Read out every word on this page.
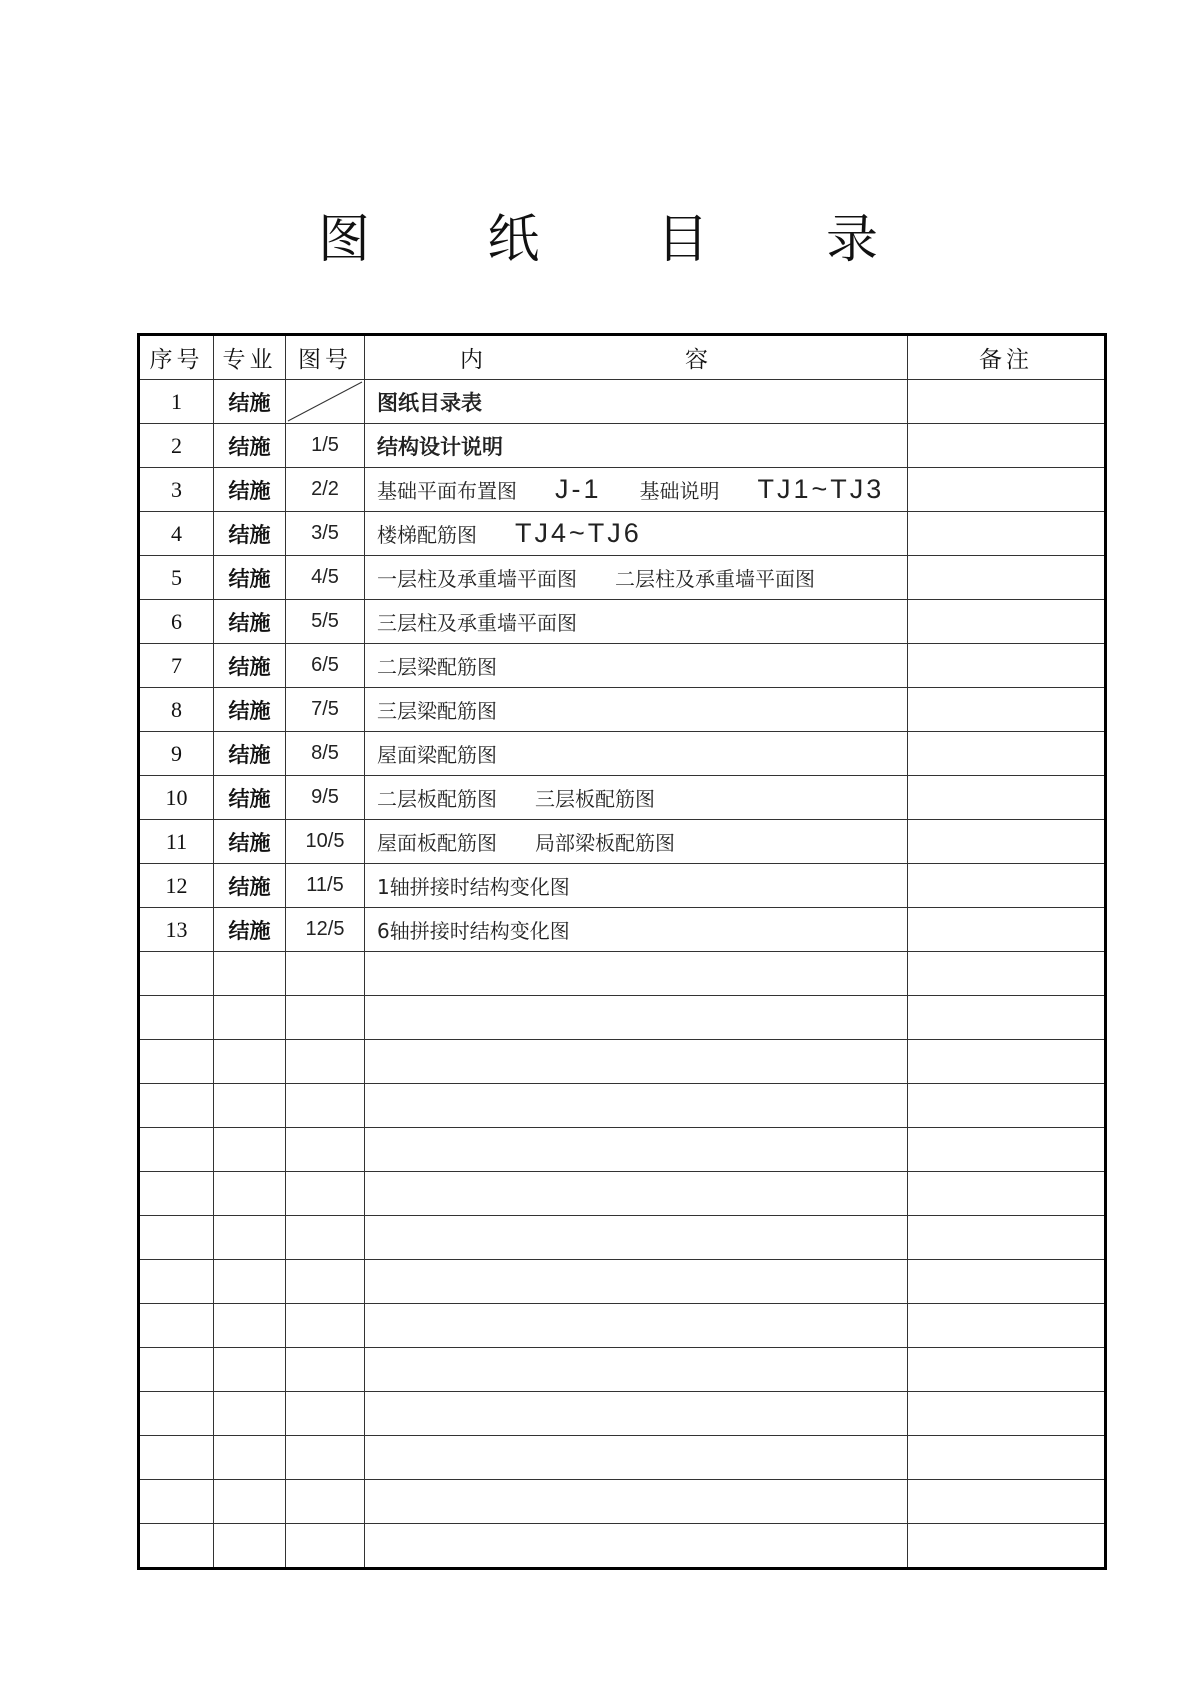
图 纸 目 录
序号	专业	图号	内 容	备注
1	结施		图纸目录表	
2	结施	1/5	结构设计说明	
3	结施	2/2	基础平面布置图 J-1 基础说明 TJ1~TJ3	
4	结施	3/5	楼梯配筋图 TJ4~TJ6	
5	结施	4/5	一层柱及承重墙平面图 二层柱及承重墙平面图	
6	结施	5/5	三层柱及承重墙平面图	
7	结施	6/5	二层梁配筋图	
8	结施	7/5	三层梁配筋图	
9	结施	8/5	屋面梁配筋图	
10	结施	9/5	二层板配筋图 三层板配筋图	
11	结施	10/5	屋面板配筋图 局部梁板配筋图	
12	结施	11/5	1轴拼接时结构变化图	
13	结施	12/5	6轴拼接时结构变化图	
